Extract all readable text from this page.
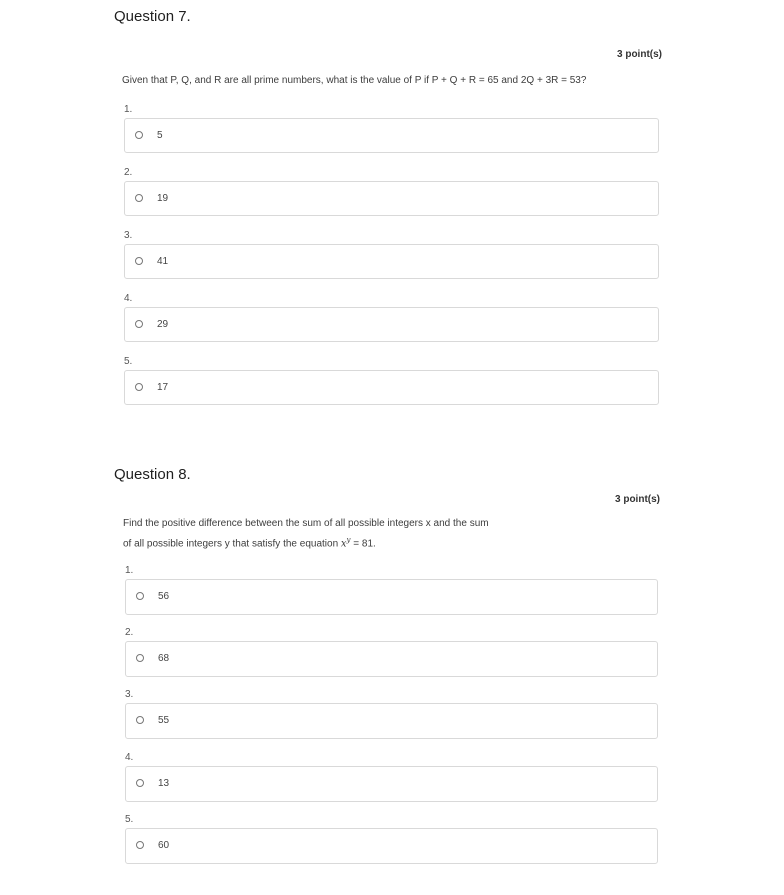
Question 7.
3 point(s)
Given that P, Q, and R are all prime numbers, what is the value of P if P + Q + R = 65 and 2Q + 3R = 53?
1.
5
2.
19
3.
41
4.
29
5.
17
Question 8.
3 point(s)
Find the positive difference between the sum of all possible integers x and the sum
of all possible integers y that satisfy the equation $x^y = 81$.
1.
56
2.
68
3.
55
4.
13
5.
60
